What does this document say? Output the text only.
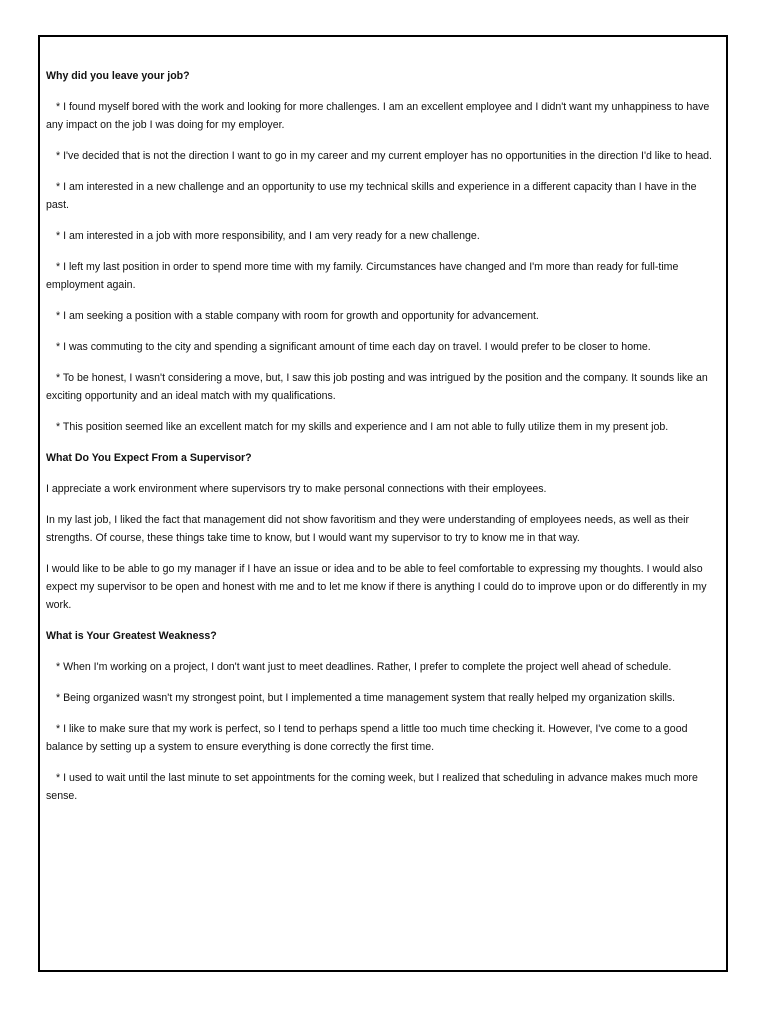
Why did you leave your job?
* I found myself bored with the work and looking for more challenges. I am an excellent employee and I didn't want my unhappiness to have any impact on the job I was doing for my employer.
* I've decided that is not the direction I want to go in my career and my current employer has no opportunities in the direction I'd like to head.
* I am interested in a new challenge and an opportunity to use my technical skills and experience in a different capacity than I have in the past.
* I am interested in a job with more responsibility, and I am very ready for a new challenge.
* I left my last position in order to spend more time with my family. Circumstances have changed and I'm more than ready for full-time employment again.
* I am seeking a position with a stable company with room for growth and opportunity for advancement.
* I was commuting to the city and spending a significant amount of time each day on travel. I would prefer to be closer to home.
* To be honest, I wasn't considering a move, but, I saw this job posting and was intrigued by the position and the company. It sounds like an exciting opportunity and an ideal match with my qualifications.
* This position seemed like an excellent match for my skills and experience and I am not able to fully utilize them in my present job.
What Do You Expect From a Supervisor?
I appreciate a work environment where supervisors try to make personal connections with their employees.
In my last job, I liked the fact that management did not show favoritism and they were understanding of employees needs, as well as their strengths. Of course, these things take time to know, but I would want my supervisor to try to know me in that way.
I would like to be able to go my manager if I have an issue or idea and to be able to feel comfortable to expressing my thoughts. I would also expect my supervisor to be open and honest with me and to let me know if there is anything I could do to improve upon or do differently in my work.
What is Your Greatest Weakness?
* When I'm working on a project, I don't want just to meet deadlines. Rather, I prefer to complete the project well ahead of schedule.
* Being organized wasn't my strongest point, but I implemented a time management system that really helped my organization skills.
* I like to make sure that my work is perfect, so I tend to perhaps spend a little too much time checking it. However, I've come to a good balance by setting up a system to ensure everything is done correctly the first time.
* I used to wait until the last minute to set appointments for the coming week, but I realized that scheduling in advance makes much more sense.
